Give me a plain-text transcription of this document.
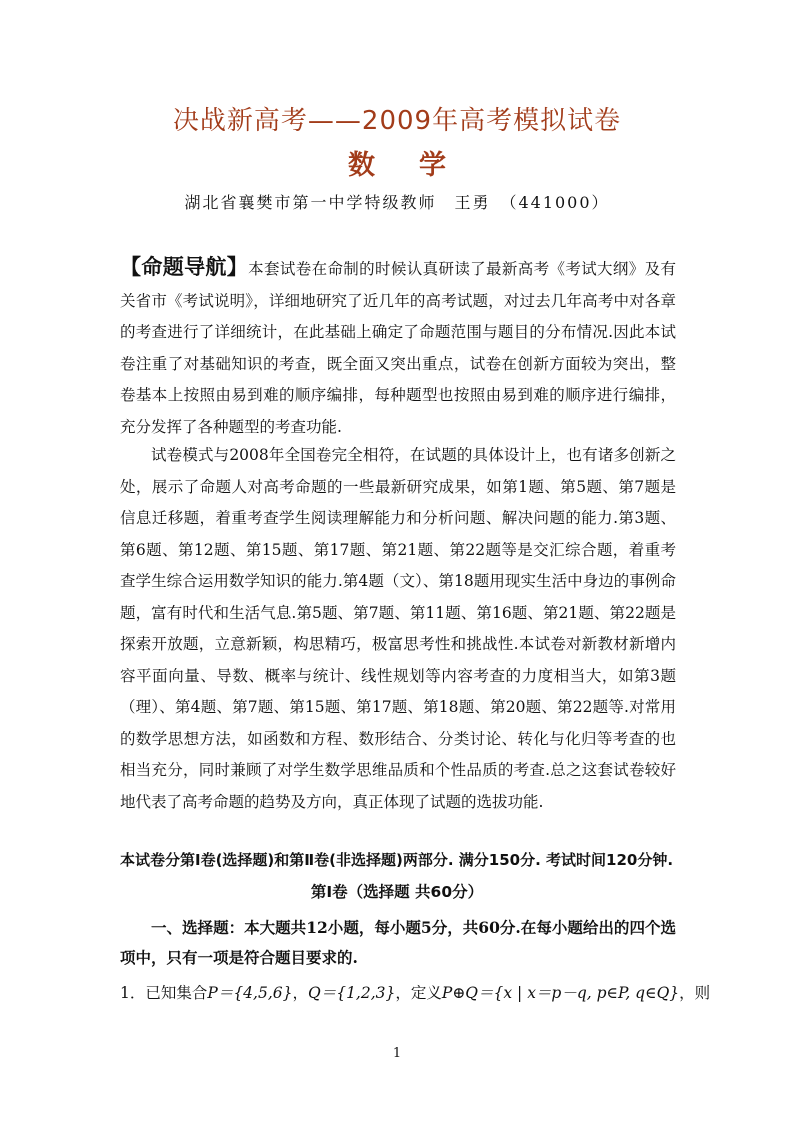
决战新高考——2009年高考模拟试卷
数学
湖北省襄樊市第一中学特级教师　王勇　（441000）
【命题导航】本套试卷在命制的时候认真研读了最新高考《考试大纲》及有关省市《考试说明》，详细地研究了近几年的高考试题，对过去几年高考中对各章的考查进行了详细统计，在此基础上确定了命题范围与题目的分布情况.因此本试卷注重了对基础知识的考查，既全面又突出重点，试卷在创新方面较为突出，整卷基本上按照由易到难的顺序编排，每种题型也按照由易到难的顺序进行编排，充分发挥了各种题型的考查功能.
试卷模式与2008年全国卷完全相符，在试题的具体设计上，也有诸多创新之处，展示了命题人对高考命题的一些最新研究成果，如第1题、第5题、第7题是信息迁移题，着重考查学生阅读理解能力和分析问题、解决问题的能力.第3题、第6题、第12题、第15题、第17题、第21题、第22题等是交汇综合题，着重考查学生综合运用数学知识的能力.第4题（文）、第18题用现实生活中身边的事例命题，富有时代和生活气息.第5题、第7题、第11题、第16题、第21题、第22题是探索开放题，立意新颖，构思精巧，极富思考性和挑战性.本试卷对新教材新增内容平面向量、导数、概率与统计、线性规划等内容考查的力度相当大，如第3题（理）、第4题、第7题、第15题、第17题、第18题、第20题、第22题等.对常用的数学思想方法，如函数和方程、数形结合、分类讨论、转化与化归等考查的也相当充分，同时兼顾了对学生数学思维品质和个性品质的考查.总之这套试卷较好地代表了高考命题的趋势及方向，真正体现了试题的选拔功能.
本试卷分第Ⅰ卷(选择题)和第Ⅱ卷(非选择题)两部分. 满分150分. 考试时间120分钟.
第Ⅰ卷（选择题 共60分）
一、选择题：本大题共12小题，每小题5分，共60分.在每小题给出的四个选项中，只有一项是符合题目要求的.
1．已知集合P＝{4,5,6}，Q＝{1,2,3}，定义P⊕Q＝{x | x＝p－q, p∈P, q∈Q}，则
1
